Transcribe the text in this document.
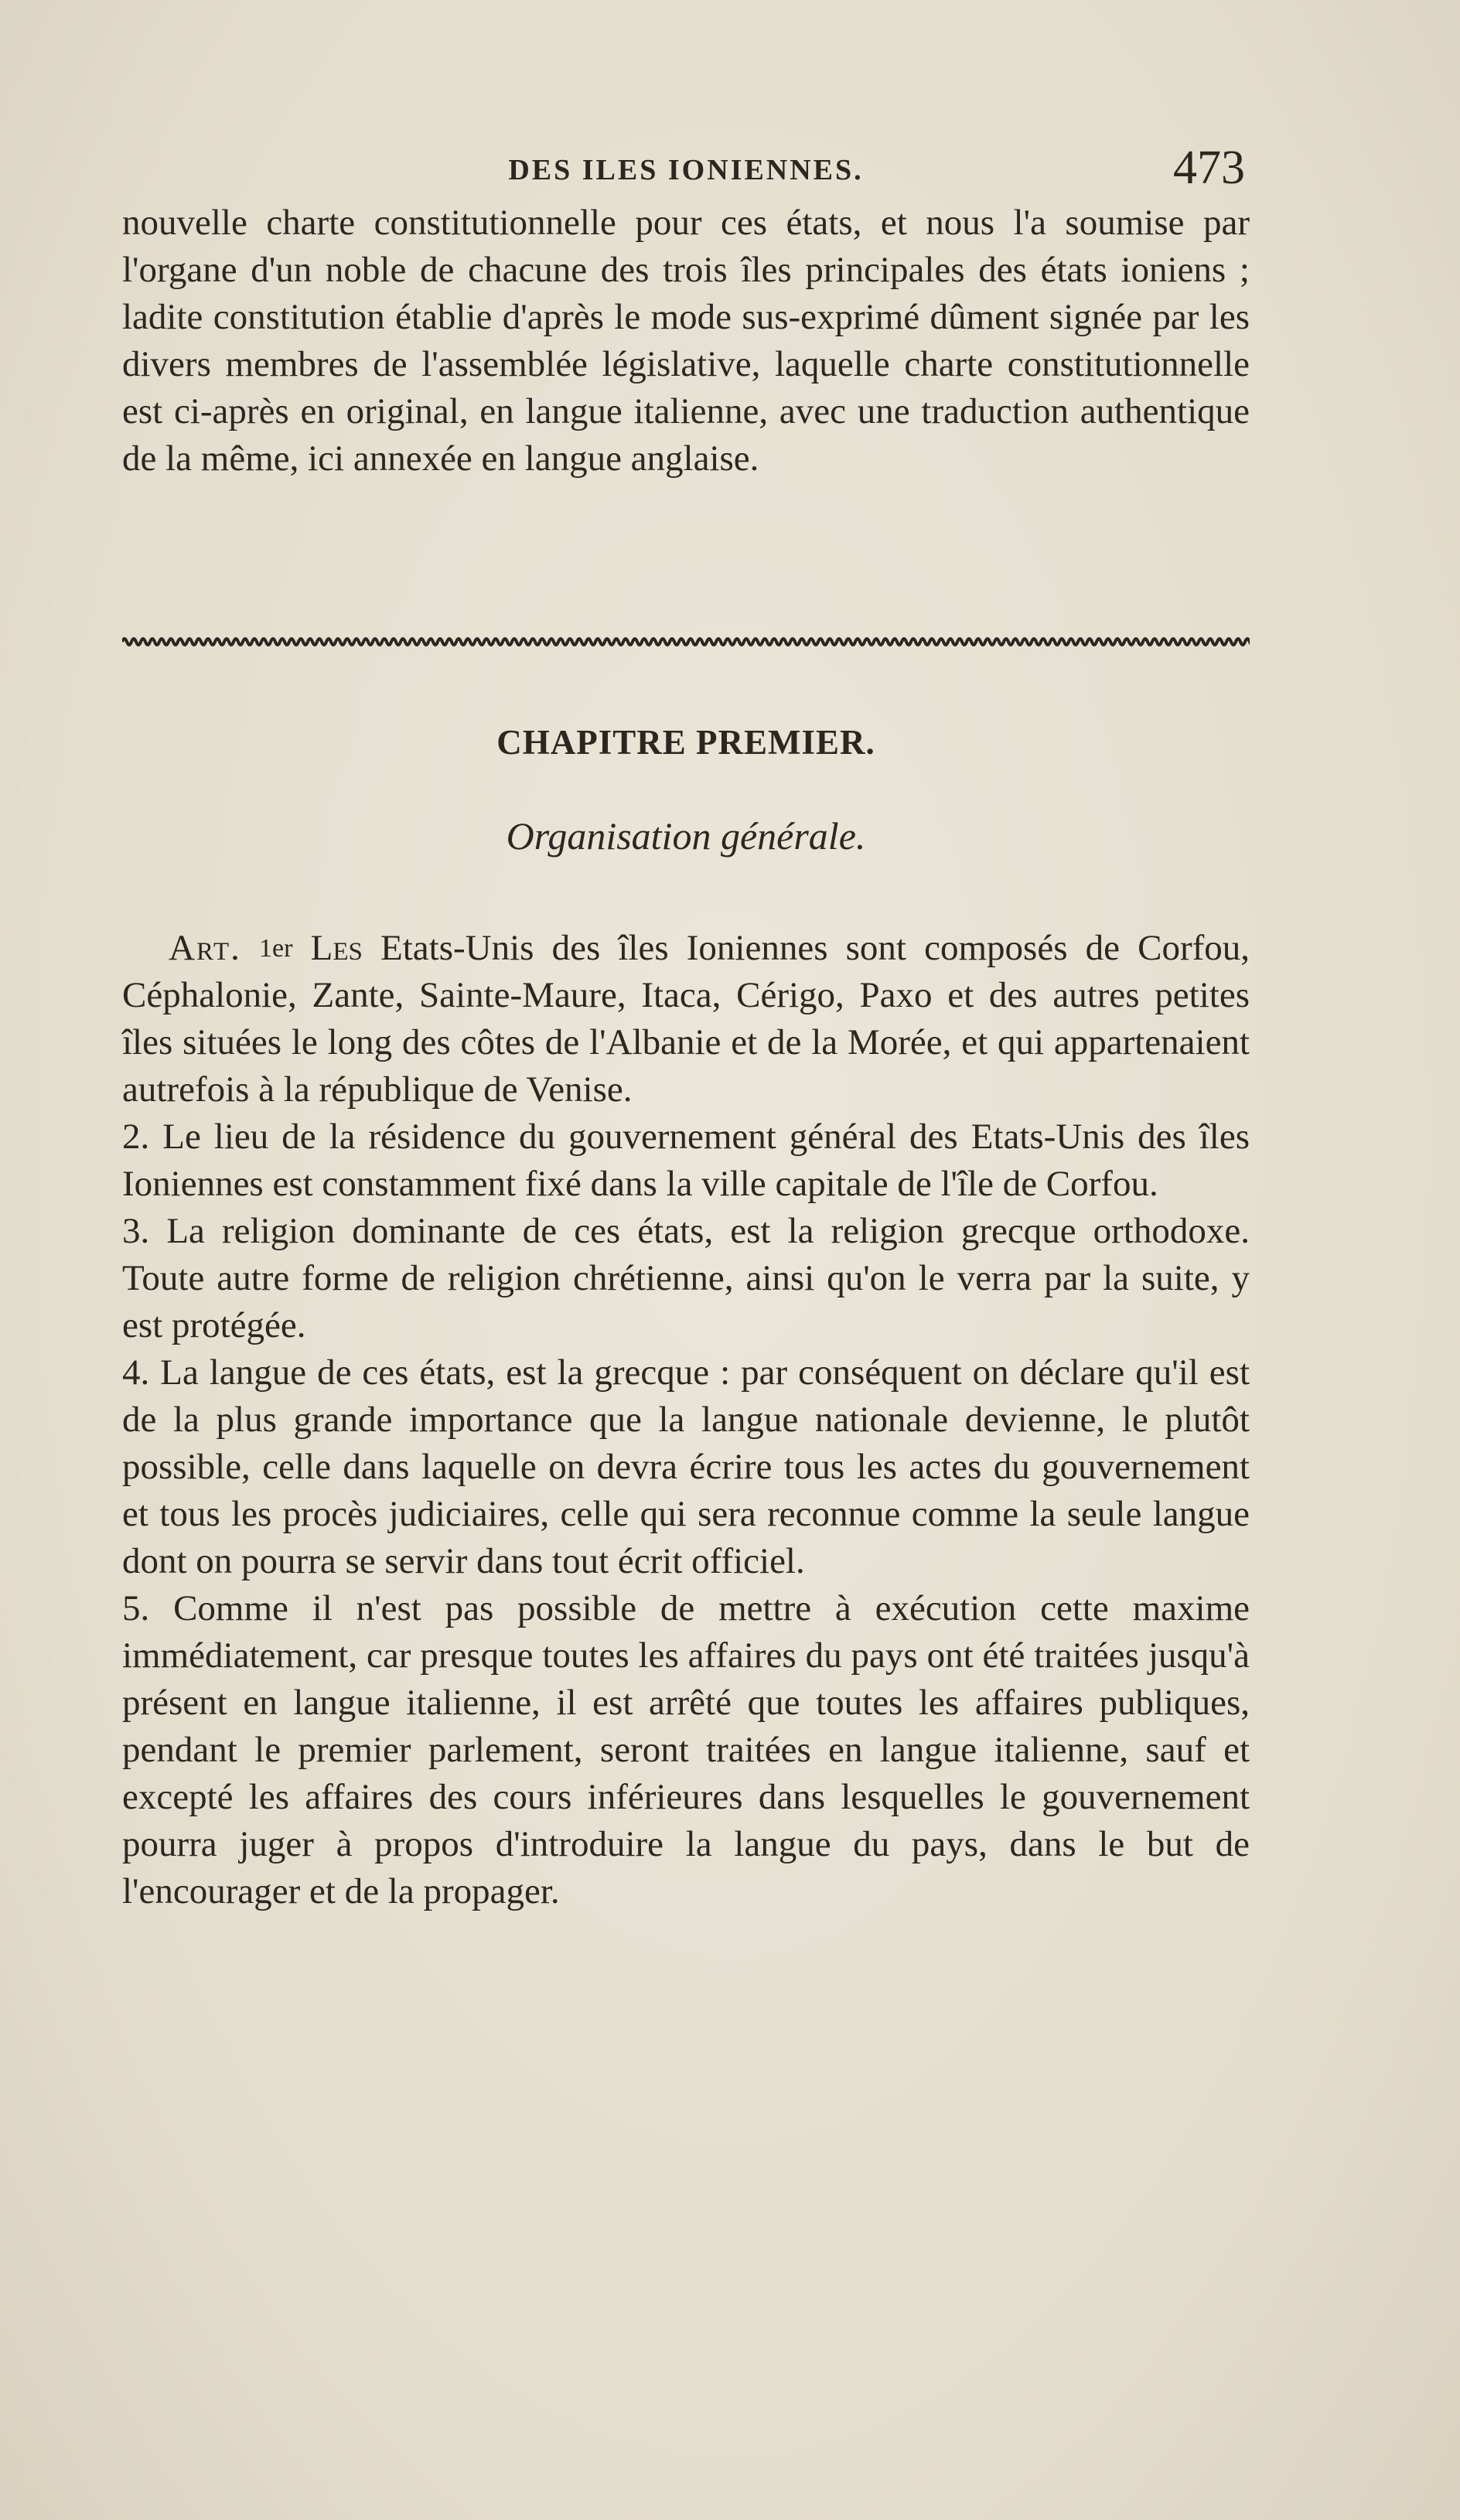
DES ILES IONIENNES.	473

nouvelle charte constitutionnelle pour ces états, et nous l'a soumise par l'organe d'un noble de chacune des trois îles principales des états ioniens ; ladite constitution établie d'après le mode sus-exprimé dûment signée par les divers membres de l'assemblée législative, laquelle charte constitutionnelle est ci-après en original, en langue italienne, avec une traduction authentique de la même, ici annexée en langue anglaise.

CHAPITRE PREMIER.
Organisation générale.

Art. $^{1er}$ Les Etats-Unis des îles Ioniennes sont composés de Corfou, Céphalonie, Zante, Sainte-Maure, Itaca, Cérigo, Paxo et des autres petites îles situées le long des côtes de l'Albanie et de la Morée, et qui appartenaient autrefois à la république de Venise.

2. Le lieu de la résidence du gouvernement général des Etats-Unis des îles Ioniennes est constamment fixé dans la ville capitale de l'île de Corfou.

3. La religion dominante de ces états, est la religion grecque orthodoxe. Toute autre forme de religion chrétienne, ainsi qu'on le verra par la suite, y est protégée.

4. La langue de ces états, est la grecque : par conséquent on déclare qu'il est de la plus grande importance que la langue nationale devienne, le plutôt possible, celle dans laquelle on devra écrire tous les actes du gouvernement et tous les procès judiciaires, celle qui sera reconnue comme la seule langue dont on pourra se servir dans tout écrit officiel.

5. Comme il n'est pas possible de mettre à exécution cette maxime immédiatement, car presque toutes les affaires du pays ont été traitées jusqu'à présent en langue italienne, il est arrêté que toutes les affaires publiques, pendant le premier parlement, seront traitées en langue italienne, sauf et excepté les affaires des cours inférieures dans lesquelles le gouvernement pourra juger à propos d'introduire la langue du pays, dans le but de l'encourager et de la propager.
